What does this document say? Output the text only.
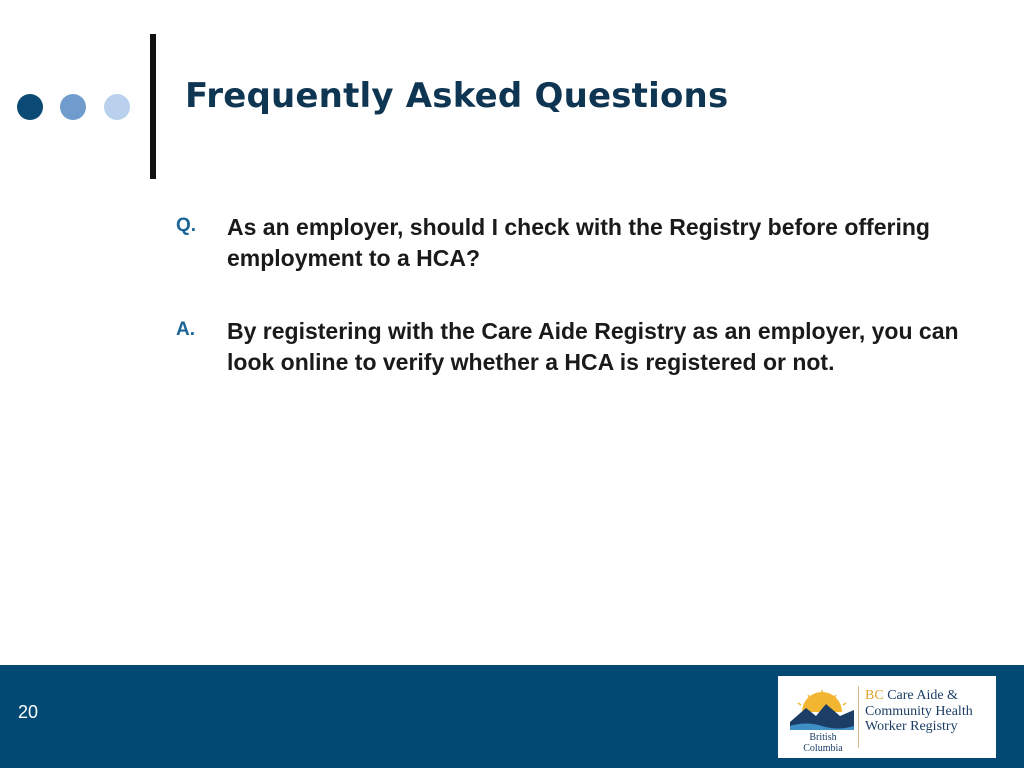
Frequently Asked Questions
Q.	As an employer, should I check with the Registry before offering employment to a HCA?
A.	By registering with the Care Aide Registry as an employer, you can look online to verify whether a HCA is registered or not.
20
British Columbia
BC Care Aide &
Community Health
Worker Registry
